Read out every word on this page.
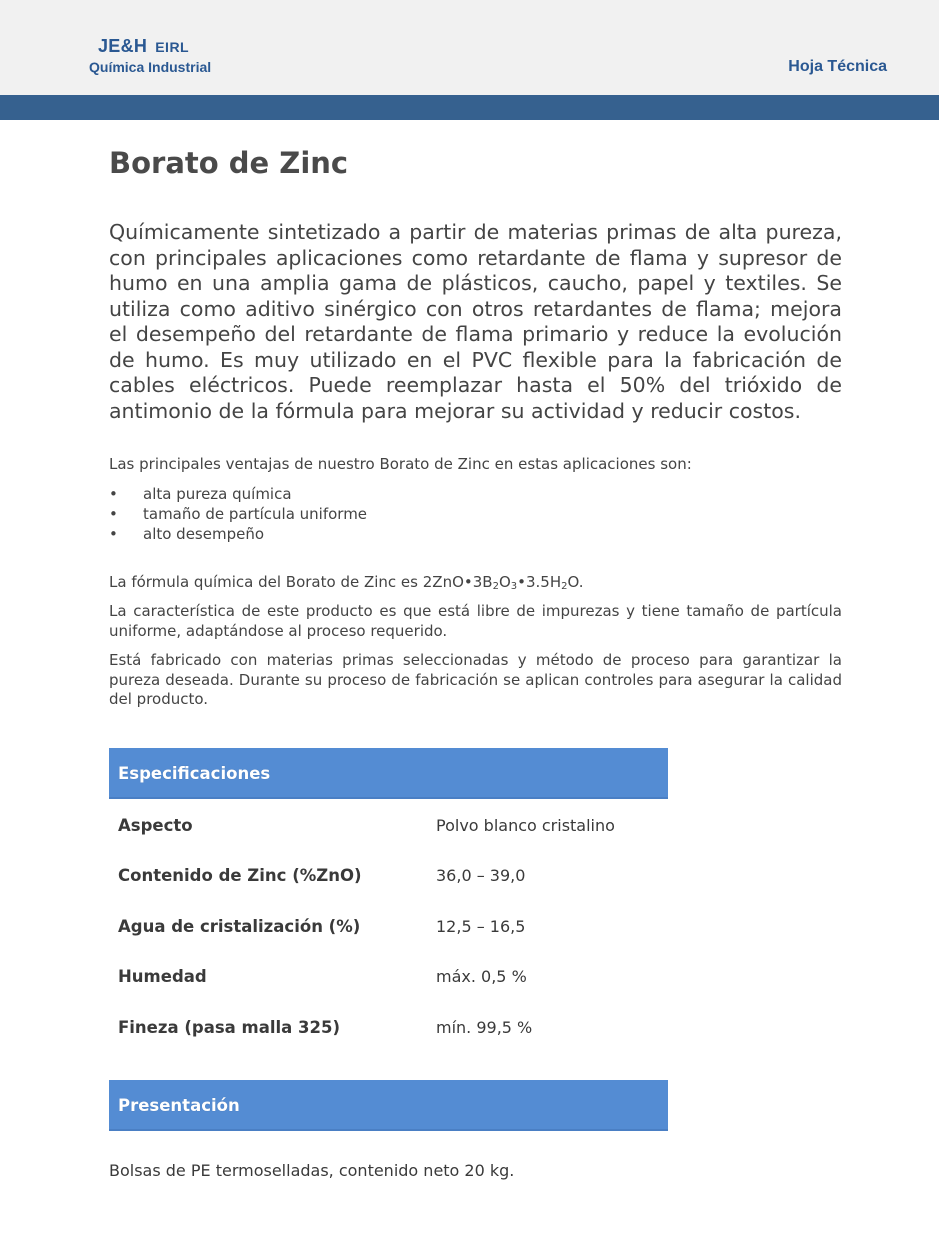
JE&H EIRL
Química Industrial	Hoja Técnica
Borato de Zinc

Químicamente sintetizado a partir de materias primas de alta pureza, con principales aplicaciones como retardante de flama y supresor de humo en una amplia gama de plásticos, caucho, papel y textiles. Se utiliza como aditivo sinérgico con otros retardantes de flama; mejora el desempeño del retardante de flama primario y reduce la evolución de humo. Es muy utilizado en el PVC flexible para la fabricación de cables eléctricos. Puede reemplazar hasta el 50% del trióxido de antimonio de la fórmula para mejorar su actividad y reducir costos.

Las principales ventajas de nuestro Borato de Zinc en estas aplicaciones son:

• alta pureza química
• tamaño de partícula uniforme
• alto desempeño

La fórmula química del Borato de Zinc es $2ZnO•3B_2O_3•3.5H_2O$.

La característica de este producto es que está libre de impurezas y tiene tamaño de partícula uniforme, adaptándose al proceso requerido.

Está fabricado con materias primas seleccionadas y método de proceso para garantizar la pureza deseada. Durante su proceso de fabricación se aplican controles para asegurar la calidad del producto.

Especificaciones
Aspecto	Polvo blanco cristalino
Contenido de Zinc (%ZnO)	36,0 – 39,0
Agua de cristalización (%)	12,5 – 16,5
Humedad	máx. 0,5 %
Fineza (pasa malla 325)	mín. 99,5 %
Presentación

Bolsas de PE termoselladas, contenido neto 20 kg.
